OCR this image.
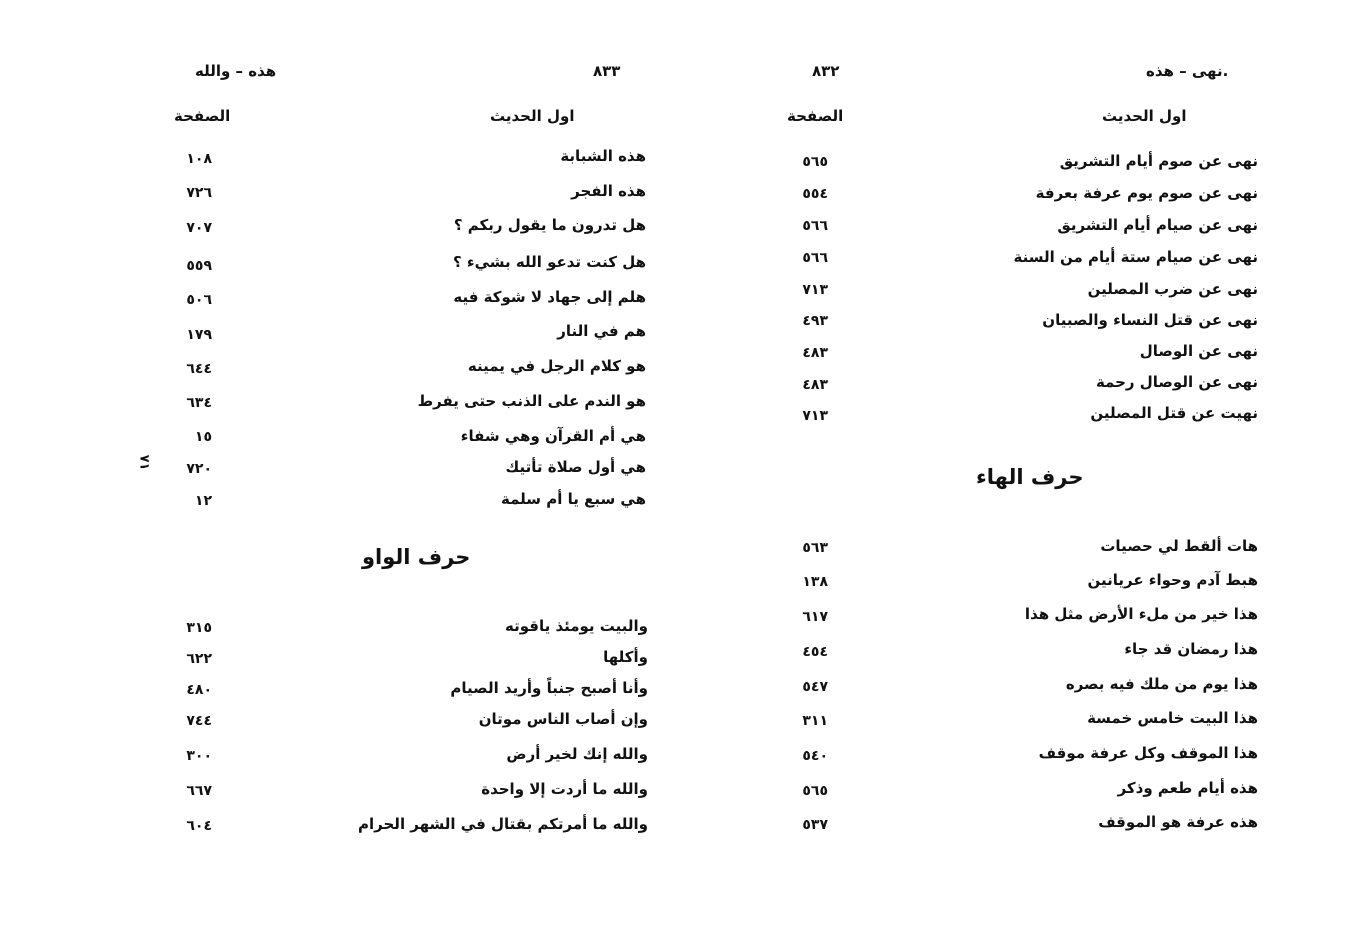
نهى – هذه.
٨٣٢
اول الحديث
الصفحة
نهى عن صوم أيام التشريق
٥٦٥
نهى عن صوم يوم عرفة بعرفة
٥٥٤
نهى عن صيام أيام التشريق
٥٦٦
نهى عن صيام ستة أيام من السنة
٥٦٦
نهى عن ضرب المصلين
٧١٣
نهى عن قتل النساء والصبيان
٤٩٣
نهى عن الوصال
٤٨٣
نهى عن الوصال رحمة
٤٨٣
نهيت عن قتل المصلين
٧١٣
حرف الهاء
هات ألقط لي حصيات
٥٦٣
هبط آدم وحواء عريانين
١٣٨
هذا خير من ملء الأرض مثل هذا
٦١٧
هذا رمضان قد جاء
٤٥٤
هذا يوم من ملك فيه بصره
٥٤٧
هذا البيت خامس خمسة
٣١١
هذا الموقف وكل عرفة موقف
٥٤٠
هذه أيام طعم وذكر
٥٦٥
هذه عرفة هو الموقف
٥٣٧
هذه – والله	٨٣٣
اول الحديث
الصفحة
هذه الشبابة
١٠٨
هذه الفجر
٧٢٦
هل تدرون ما يقول ربكم ؟
٧٠٧
هل كنت تدعو الله بشيء ؟
٥٥٩
هلم إلى جهاد لا شوكة فيه
٥٠٦
هم في النار
١٧٩
هو كلام الرجل في يمينه
٦٤٤
هو الندم على الذنب حتى يفرط
٦٣٤
هي أم القرآن وهي شفاء
١٥
هي أول صلاة تأتيك
٧٢٠
هي سبع يا أم سلمة
١٢
حرف الواو
والبيت يومئذ ياقوته
٣١٥
وأكلها
٦٢٢
وأنا أصبح جنباً وأريد الصيام
٤٨٠
وإن أصاب الناس موتان
٧٤٤
والله إنك لخير أرض
٣٠٠
والله ما أردت إلا واحدة
٦٦٧
والله ما أمرتكم بقتال في الشهر الحرام
٦٠٤
٧١
